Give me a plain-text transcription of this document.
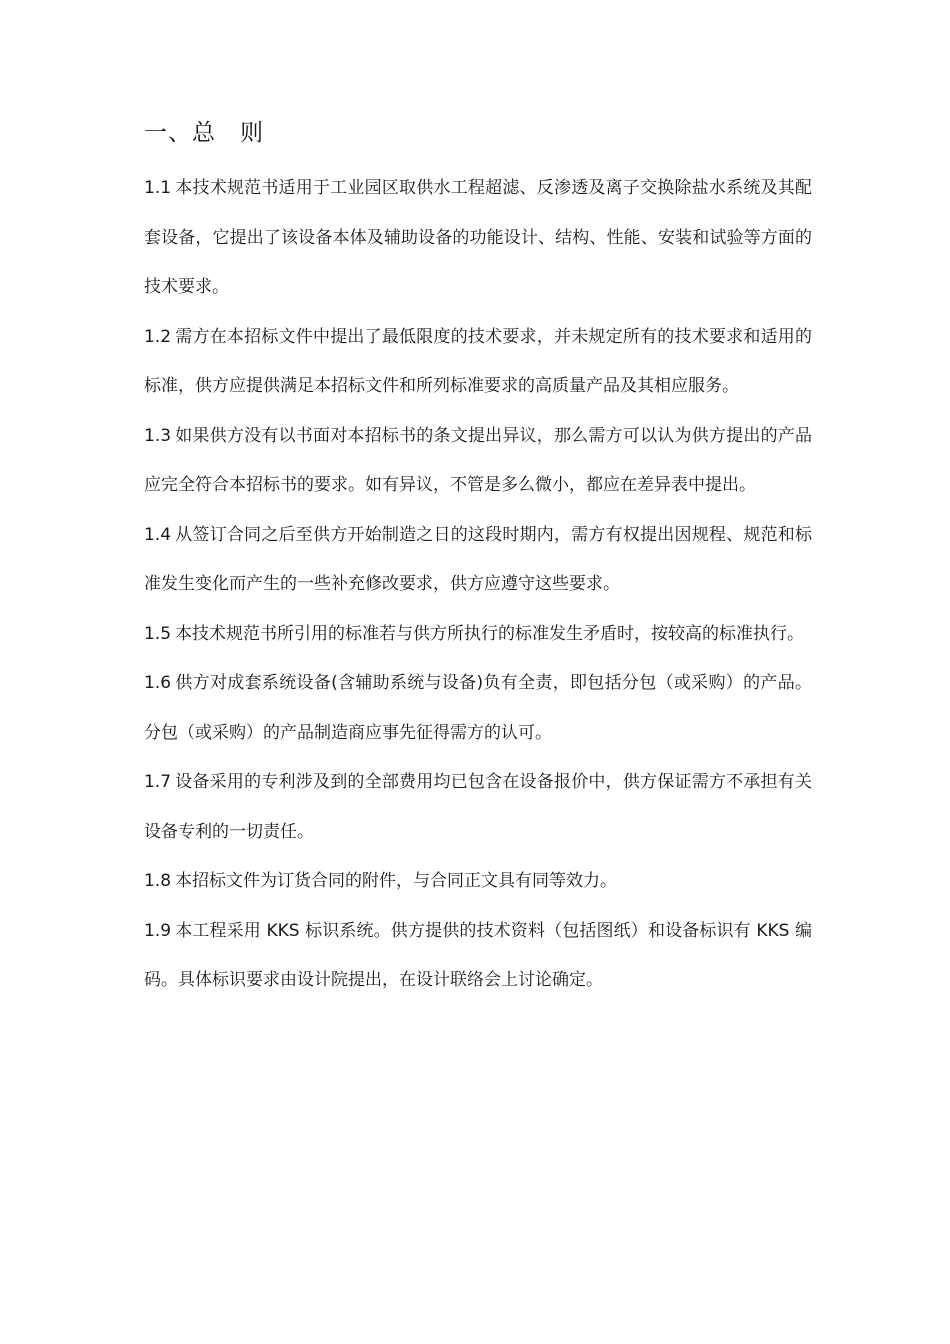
一、总　则

1.1 本技术规范书适用于工业园区取供水工程超滤、反渗透及离子交换除盐水系统及其配套设备，它提出了该设备本体及辅助设备的功能设计、结构、性能、安装和试验等方面的技术要求。

1.2 需方在本招标文件中提出了最低限度的技术要求，并未规定所有的技术要求和适用的标准，供方应提供满足本招标文件和所列标准要求的高质量产品及其相应服务。

1.3 如果供方没有以书面对本招标书的条文提出异议，那么需方可以认为供方提出的产品应完全符合本招标书的要求。如有异议，不管是多么微小，都应在差异表中提出。

1.4 从签订合同之后至供方开始制造之日的这段时期内，需方有权提出因规程、规范和标准发生变化而产生的一些补充修改要求，供方应遵守这些要求。

1.5 本技术规范书所引用的标准若与供方所执行的标准发生矛盾时，按较高的标准执行。

1.6 供方对成套系统设备(含辅助系统与设备)负有全责，即包括分包（或采购）的产品。分包（或采购）的产品制造商应事先征得需方的认可。

1.7 设备采用的专利涉及到的全部费用均已包含在设备报价中，供方保证需方不承担有关设备专利的一切责任。

1.8 本招标文件为订货合同的附件，与合同正文具有同等效力。

1.9 本工程采用 KKS 标识系统。供方提供的技术资料（包括图纸）和设备标识有 KKS 编码。具体标识要求由设计院提出，在设计联络会上讨论确定。
